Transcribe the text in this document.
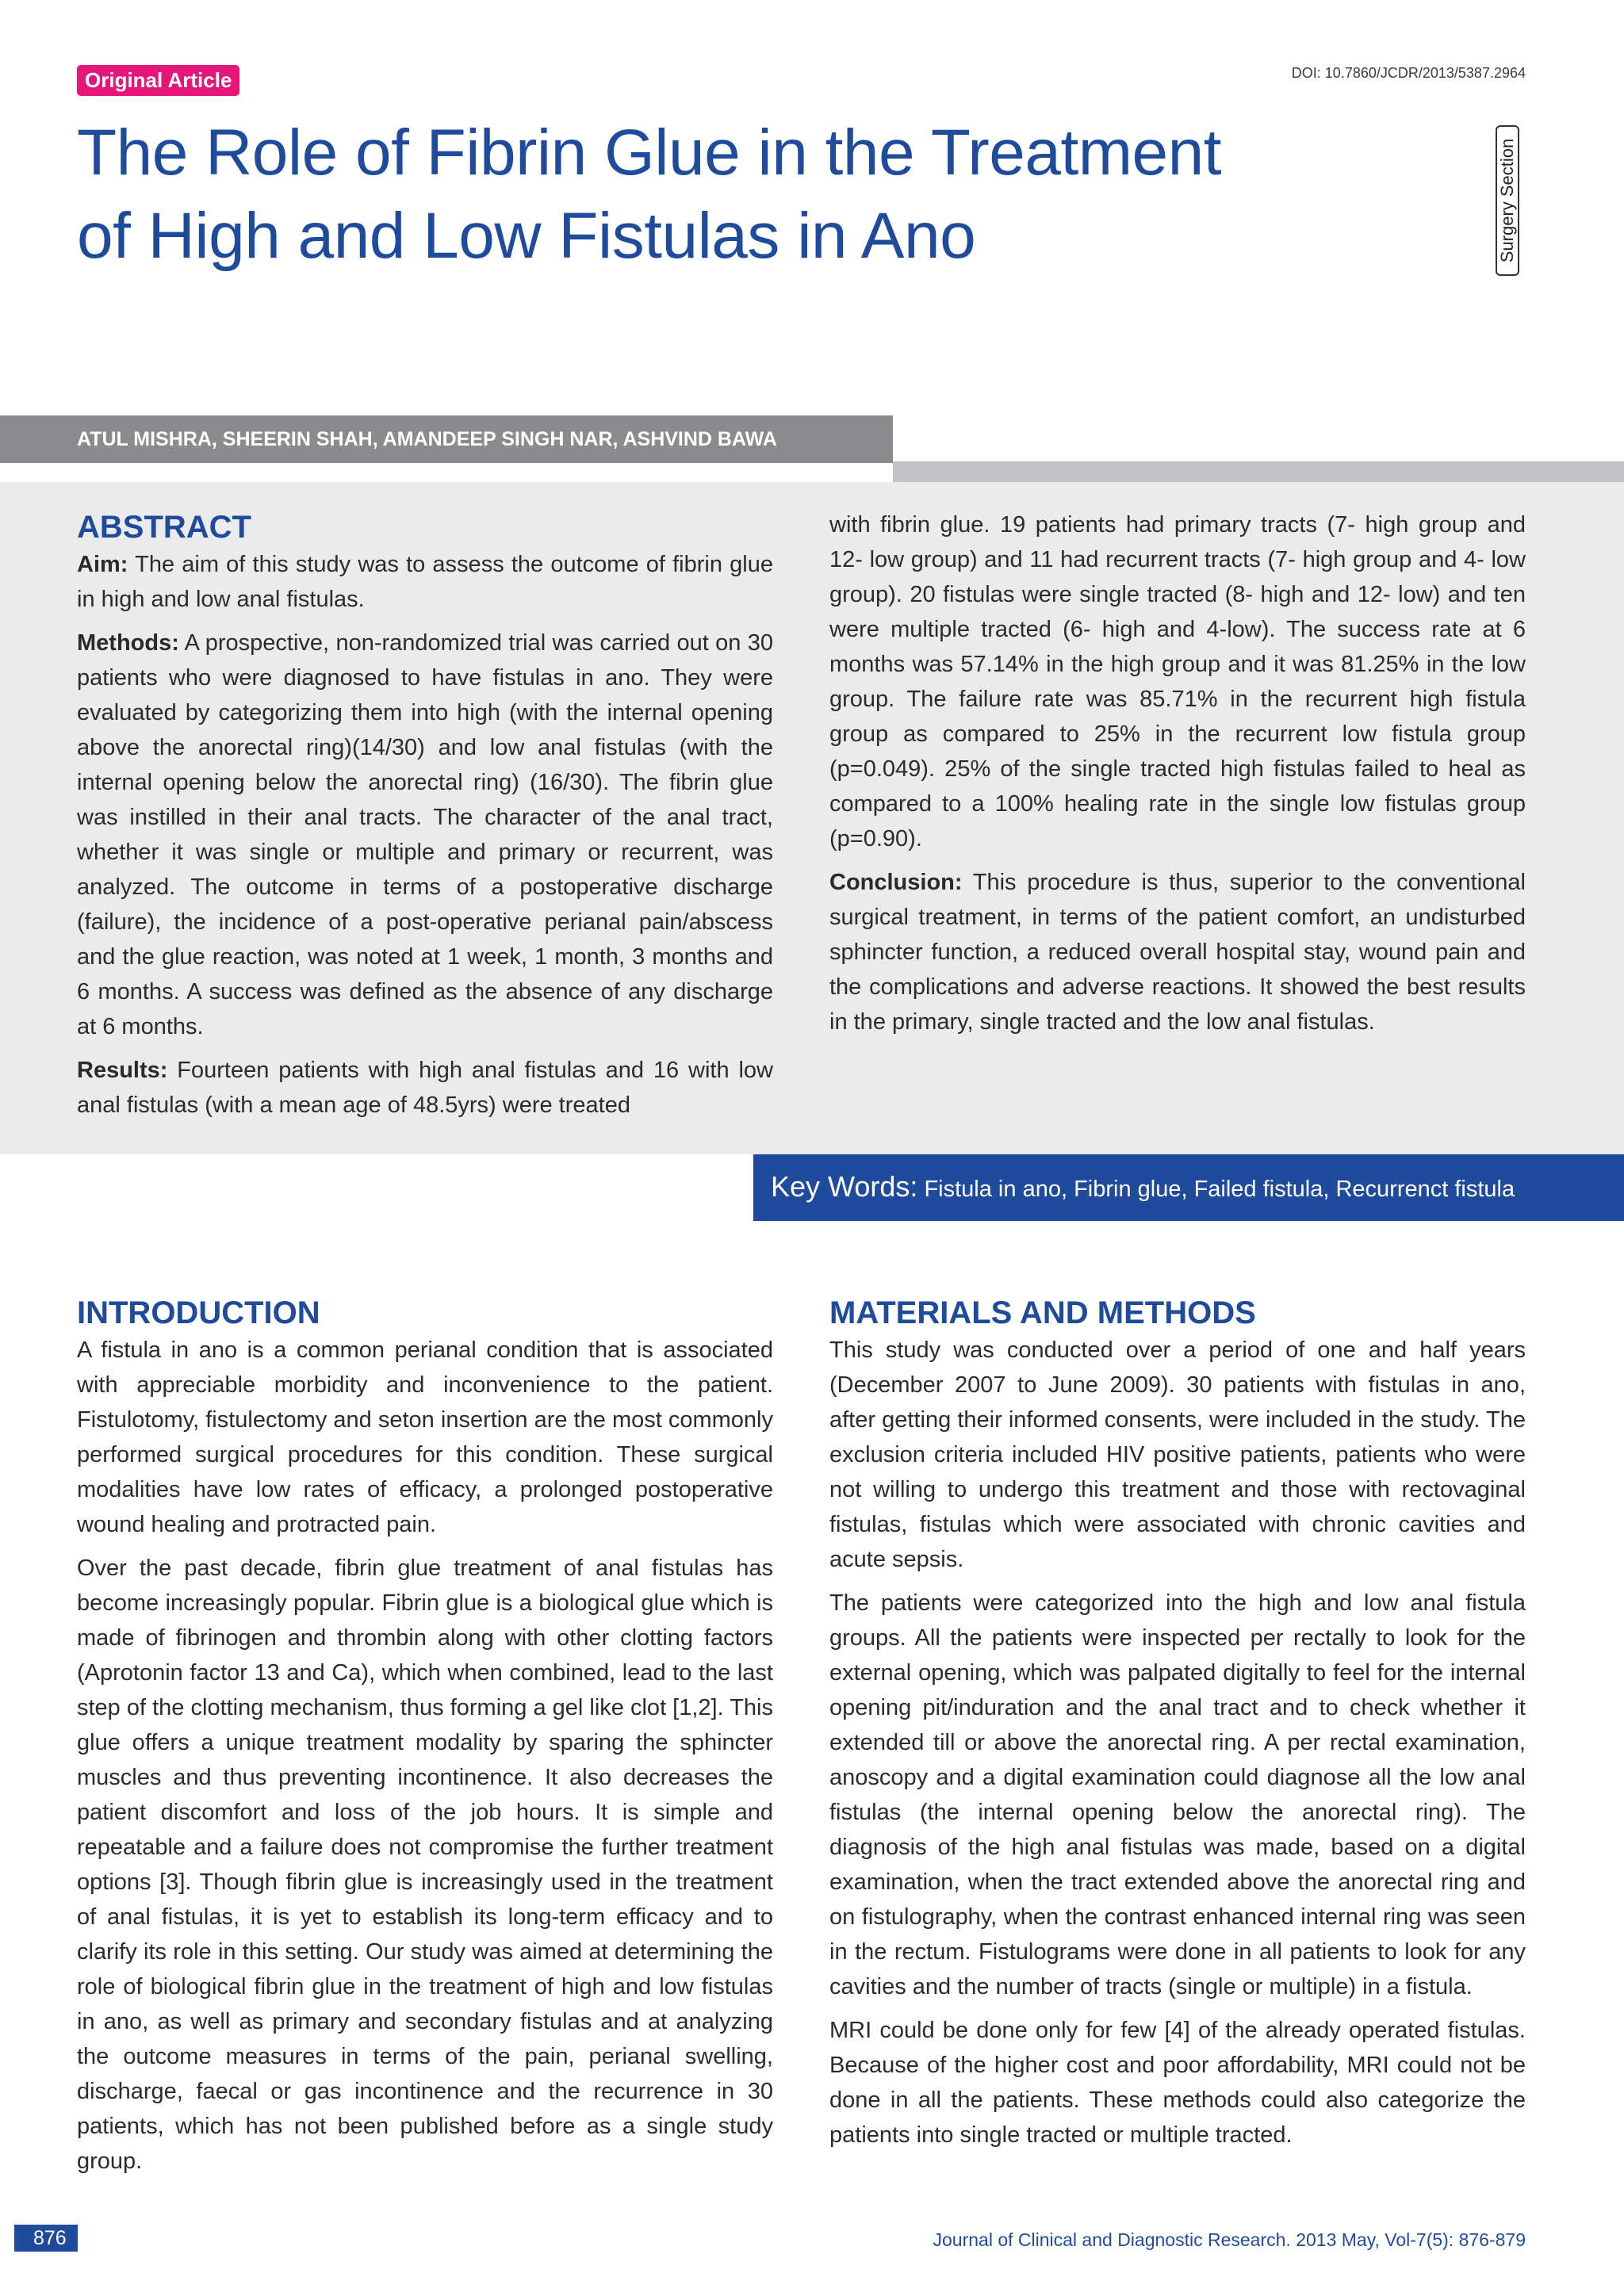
Original Article	DOI: 10.7860/JCDR/2013/5387.2964
The Role of Fibrin Glue in the Treatment
of High and Low Fistulas in Ano	Surgery Section
ATUL MISHRA, SHEERIN SHAH, AMANDEEP SINGH NAR, ASHVIND BAWA
ABSTRACT

Aim: The aim of this study was to assess the outcome of fibrin glue in high and low anal fistulas.

Methods: A prospective, non-randomized trial was carried out on 30 patients who were diagnosed to have fistulas in ano. They were evaluated by categorizing them into high (with the internal opening above the anorectal ring)(14/30) and low anal fistulas (with the internal opening below the anorectal ring) (16/30). The fibrin glue was instilled in their anal tracts. The character of the anal tract, whether it was single or multiple and primary or recurrent, was analyzed. The outcome in terms of a postoperative discharge (failure), the incidence of a post-operative perianal pain/abscess and the glue reaction, was noted at 1 week, 1 month, 3 months and 6 months. A success was defined as the absence of any discharge at 6 months.

Results: Fourteen patients with high anal fistulas and 16 with low anal fistulas (with a mean age of 48.5yrs) were treated

with fibrin glue. 19 patients had primary tracts (7- high group and 12- low group) and 11 had recurrent tracts (7- high group and 4- low group). 20 fistulas were single tracted (8- high and 12- low) and ten were multiple tracted (6- high and 4-low). The success rate at 6 months was 57.14% in the high group and it was 81.25% in the low group. The failure rate was 85.71% in the recurrent high fistula group as compared to 25% in the recurrent low fistula group (p=0.049). 25% of the single tracted high fistulas failed to heal as compared to a 100% healing rate in the single low fistulas group (p=0.90).

Conclusion: This procedure is thus, superior to the conventional surgical treatment, in terms of the patient comfort, an undisturbed sphincter function, a reduced overall hospital stay, wound pain and the complications and adverse reactions. It showed the best results in the primary, single tracted and the low anal fistulas.

Key Words: Fistula in ano, Fibrin glue, Failed fistula, Recurrenct fistula
INTRODUCTION

A fistula in ano is a common perianal condition that is associated with appreciable morbidity and inconvenience to the patient. Fistulotomy, fistulectomy and seton insertion are the most commonly performed surgical procedures for this condition. These surgical modalities have low rates of efficacy, a prolonged postoperative wound healing and protracted pain.

Over the past decade, fibrin glue treatment of anal fistulas has become increasingly popular. Fibrin glue is a biological glue which is made of fibrinogen and thrombin along with other clotting factors (Aprotonin factor 13 and Ca), which when combined, lead to the last step of the clotting mechanism, thus forming a gel like clot [1,2]. This glue offers a unique treatment modality by sparing the sphincter muscles and thus preventing incontinence. It also decreases the patient discomfort and loss of the job hours. It is simple and repeatable and a failure does not compromise the further treatment options [3]. Though fibrin glue is increasingly used in the treatment of anal fistulas, it is yet to establish its long-term efficacy and to clarify its role in this setting. Our study was aimed at determining the role of biological fibrin glue in the treatment of high and low fistulas in ano, as well as primary and secondary fistulas and at analyzing the outcome measures in terms of the pain, perianal swelling, discharge, faecal or gas incontinence and the recurrence in 30 patients, which has not been published before as a single study group.

MATERIALS AND METHODS

This study was conducted over a period of one and half years (December 2007 to June 2009). 30 patients with fistulas in ano, after getting their informed consents, were included in the study. The exclusion criteria included HIV positive patients, patients who were not willing to undergo this treatment and those with rectovaginal fistulas, fistulas which were associated with chronic cavities and acute sepsis.

The patients were categorized into the high and low anal fistula groups. All the patients were inspected per rectally to look for the external opening, which was palpated digitally to feel for the internal opening pit/induration and the anal tract and to check whether it extended till or above the anorectal ring. A per rectal examination, anoscopy and a digital examination could diagnose all the low anal fistulas (the internal opening below the anorectal ring). The diagnosis of the high anal fistulas was made, based on a digital examination, when the tract extended above the anorectal ring and on fistulography, when the contrast enhanced internal ring was seen in the rectum. Fistulograms were done in all patients to look for any cavities and the number of tracts (single or multiple) in a fistula.

MRI could be done only for few [4] of the already operated fistulas. Because of the higher cost and poor affordability, MRI could not be done in all the patients. These methods could also categorize the patients into single tracted or multiple tracted.

876	Journal of Clinical and Diagnostic Research. 2013 May, Vol-7(5): 876-879
